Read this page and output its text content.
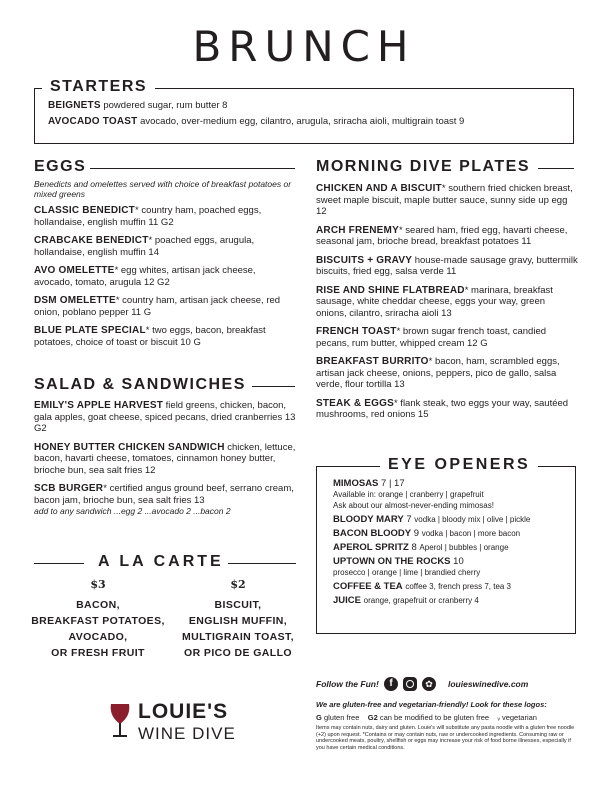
BRUNCH
STARTERS
BEIGNETS powdered sugar, rum butter 8
AVOCADO TOAST avocado, over-medium egg, cilantro, arugula, sriracha aioli, multigrain toast 9
EGGS
Benedicts and omelettes served with choice of breakfast potatoes or mixed greens
CLASSIC BENEDICT* country ham, poached eggs, hollandaise, english muffin 11 G2
CRABCAKE BENEDICT* poached eggs, arugula, hollandaise, english muffin 14
AVO OMELETTE* egg whites, artisan jack cheese, avocado, tomato, arugula 12 G2
DSM OMELETTE* country ham, artisan jack cheese, red onion, poblano pepper 11 G
BLUE PLATE SPECIAL* two eggs, bacon, breakfast potatoes, choice of toast or biscuit 10 G
SALAD & SANDWICHES
EMILY'S APPLE HARVEST field greens, chicken, bacon, gala apples, goat cheese, spiced pecans, dried cranberries 13 G2
HONEY BUTTER CHICKEN SANDWICH chicken, lettuce, bacon, havarti cheese, tomatoes, cinnamon honey butter, brioche bun, sea salt fries 12
SCB BURGER* certified angus ground beef, serrano cream, bacon jam, brioche bun, sea salt fries 13
add to any sandwich ...egg 2 ...avocado 2 ...bacon 2
A LA CARTE
$3
BACON,
BREAKFAST POTATOES,
AVOCADO,
OR FRESH FRUIT
$2
BISCUIT,
ENGLISH MUFFIN,
MULTIGRAIN TOAST,
OR PICO DE GALLO
LOUIE'S
WINE DIVE
MORNING DIVE PLATES
CHICKEN AND A BISCUIT* southern fried chicken breast, sweet maple biscuit, maple butter sauce, sunny side up egg 12
ARCH FRENEMY* seared ham, fried egg, havarti cheese, seasonal jam, brioche bread, breakfast potatoes 11
BISCUITS + GRAVY house-made sausage gravy, buttermilk biscuits, fried egg, salsa verde 11
RISE AND SHINE FLATBREAD* marinara, breakfast sausage, white cheddar cheese, eggs your way, green onions, cilantro, sriracha aioli 13
FRENCH TOAST* brown sugar french toast, candied pecans, rum butter, whipped cream 12 G
BREAKFAST BURRITO* bacon, ham, scrambled eggs, artisan jack cheese, onions, peppers, pico de gallo, salsa verde, flour tortilla 13
STEAK & EGGS* flank steak, two eggs your way, sautéed mushrooms, red onions 15
EYE OPENERS
MIMOSAS 7 | 17
Available in: orange | cranberry | grapefruit
Ask about our almost-never-ending mimosas!
BLOODY MARY 7 vodka | bloody mix | olive | pickle
BACON BLOODY 9 vodka | bacon | more bacon
APEROL SPRITZ 8 Aperol | bubbles | orange
UPTOWN ON THE ROCKS 10
prosecco | orange | lime | brandied cherry
COFFEE & TEA coffee 3, french press 7, tea 3
JUICE orange, grapefruit or cranberry 4
Follow the Fun!	f	✿	louieswinedive.com
We are gluten-free and vegetarian-friendly! Look for these logos:
G gluten free G2 can be modified to be gluten free ᵥ vegetarian
Items may contain nuts, dairy and gluten. Louie's will substitute any pasta noodle with a gluten free noodle (+2) upon request. *Contains or may contain nuts, raw or undercooked ingredients. Consuming raw or undercooked meats, poultry, shellfish or eggs may increase your risk of food borne illnesses, especially if you have certain medical conditions.
